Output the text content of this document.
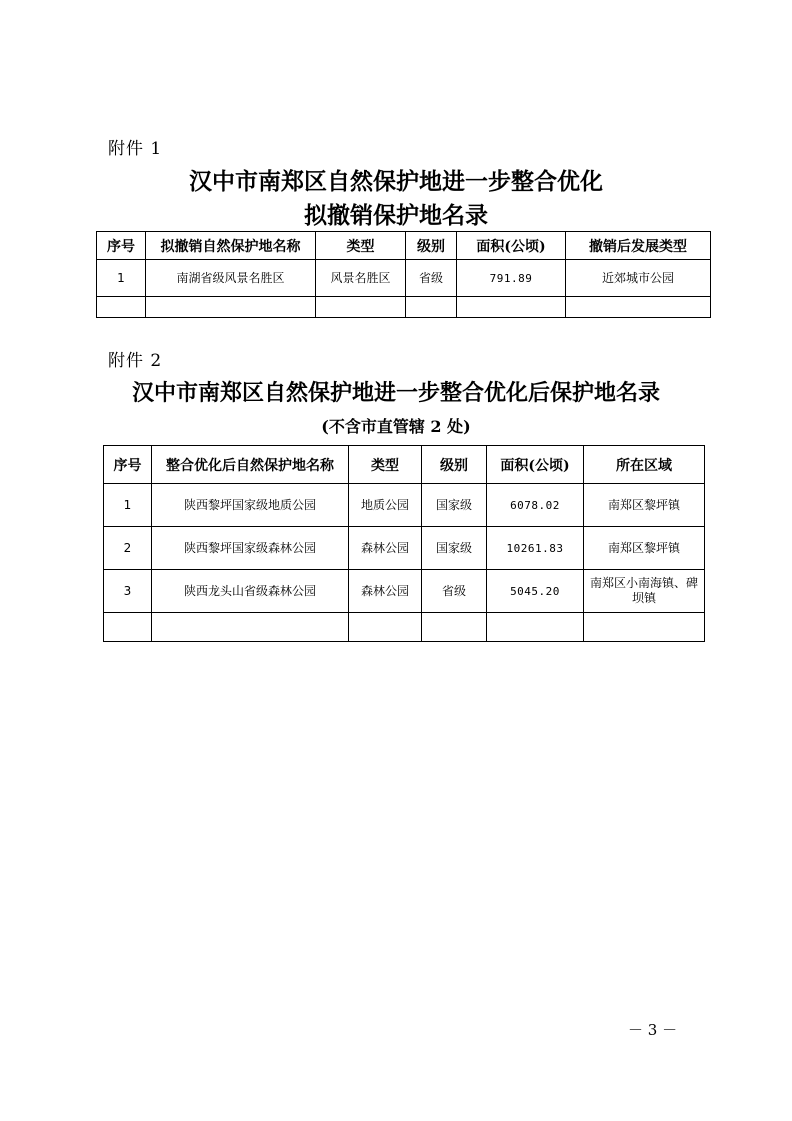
附件 1
汉中市南郑区自然保护地进一步整合优化
拟撤销保护地名录
序号	拟撤销自然保护地名称	类型	级别	面积(公顷)	撤销后发展类型
1	南湖省级风景名胜区	风景名胜区	省级	791.89	近郊城市公园

附件 2
汉中市南郑区自然保护地进一步整合优化后保护地名录
(不含市直管辖 2 处)
序号	整合优化后自然保护地名称	类型	级别	面积(公顷)	所在区域
1	陕西黎坪国家级地质公园	地质公园	国家级	6078.02	南郑区黎坪镇
2	陕西黎坪国家级森林公园	森林公园	国家级	10261.83	南郑区黎坪镇
3	陕西龙头山省级森林公园	森林公园	省级	5045.20	南郑区小南海镇、碑坝镇

－ 3 －
